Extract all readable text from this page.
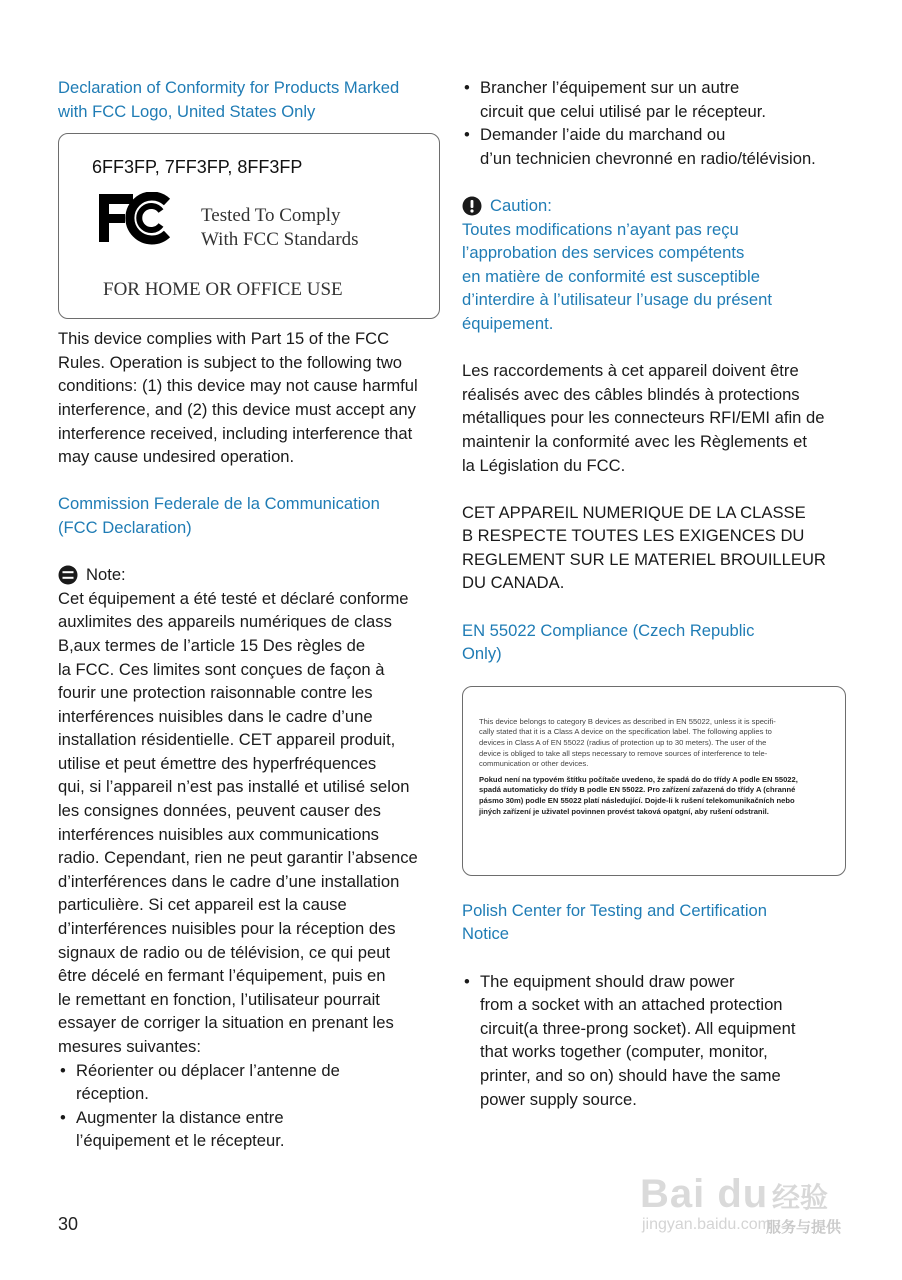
Declaration of Conformity for Products Marked
with FCC Logo, United States Only

6FF3FP, 7FF3FP, 8FF3FP
FC
Tested To Comply
With FCC Standards
FOR HOME OR OFFICE USE

This device complies with Part 15 of the FCC
Rules. Operation is subject to the following two
conditions: (1) this device may not cause harmful
interference, and (2) this device must accept any
interference received, including interference that
may cause undesired operation.

Commission Federale de la Communication
(FCC Declaration)

Note:

Cet équipement a été testé et déclaré conforme
auxlimites des appareils numériques de class
B,aux termes de l’article 15 Des règles de
la FCC. Ces limites sont conçues de façon à
fourir une protection raisonnable contre les
interférences nuisibles dans le cadre d’une
installation résidentielle. CET appareil produit,
utilise et peut émettre des hyperfréquences
qui, si l’appareil n’est pas installé et utilisé selon
les consignes données, peuvent causer des
interférences nuisibles aux communications
radio. Cependant, rien ne peut garantir l’absence
d’interférences dans le cadre d’une installation
particulière. Si cet appareil est la cause
d’interférences nuisibles pour la réception des
signaux de radio ou de télévision, ce qui peut
être décelé en fermant l’équipement, puis en
le remettant en fonction, l’utilisateur pourrait
essayer de corriger la situation en prenant les
mesures suivantes:

• Réorienter ou déplacer l’antenne de
réception.
• Augmenter la distance entre
l’équipement et le récepteur.
• Brancher l’équipement sur un autre
circuit que celui utilisé par le récepteur.
• Demander l’aide du marchand ou
d’un technicien chevronné en radio/télévision.
Caution:

Toutes modifications n’ayant pas reçu
l’approbation des services compétents
en matière de conformité est susceptible
d’interdire à l’utilisateur l’usage du présent
équipement.

Les raccordements à cet appareil doivent être
réalisés avec des câbles blindés à protections
métalliques pour les connecteurs RFI/EMI afin de
maintenir la conformité avec les Règlements et
la Législation du FCC.

CET APPAREIL NUMERIQUE DE LA CLASSE
B RESPECTE TOUTES LES EXIGENCES DU
REGLEMENT SUR LE MATERIEL BROUILLEUR
DU CANADA.

EN 55022 Compliance (Czech Republic
Only)

This device belongs to category B devices as described in EN 55022, unless it is specifi-
cally stated that it is a Class A device on the specification label. The following applies to
devices in Class A of EN 55022 (radius of protection up to 30 meters). The user of the
device is obliged to take all steps necessary to remove sources of interference to tele-
communication or other devices.

Pokud není na typovém štítku počítače uvedeno, že spadá do do třídy A podle EN 55022,
spadá automaticky do třídy B podle EN 55022. Pro zařízení zařazená do třídy A (chranné
pásmo 30m) podle EN 55022 platí následující. Dojde-li k rušení telekomunikačních nebo
jiných zařízení je uživatel povinnen provést taková opatgní, aby rušení odstranil.

Polish Center for Testing and Certification
Notice

• The equipment should draw power
from a socket with an attached protection
circuit(a three-prong socket). All equipment
that works together (computer, monitor,
printer, and so on) should have the same
power supply source.
30
Bai du 经验
jingyan.baidu.com
服务与提供
